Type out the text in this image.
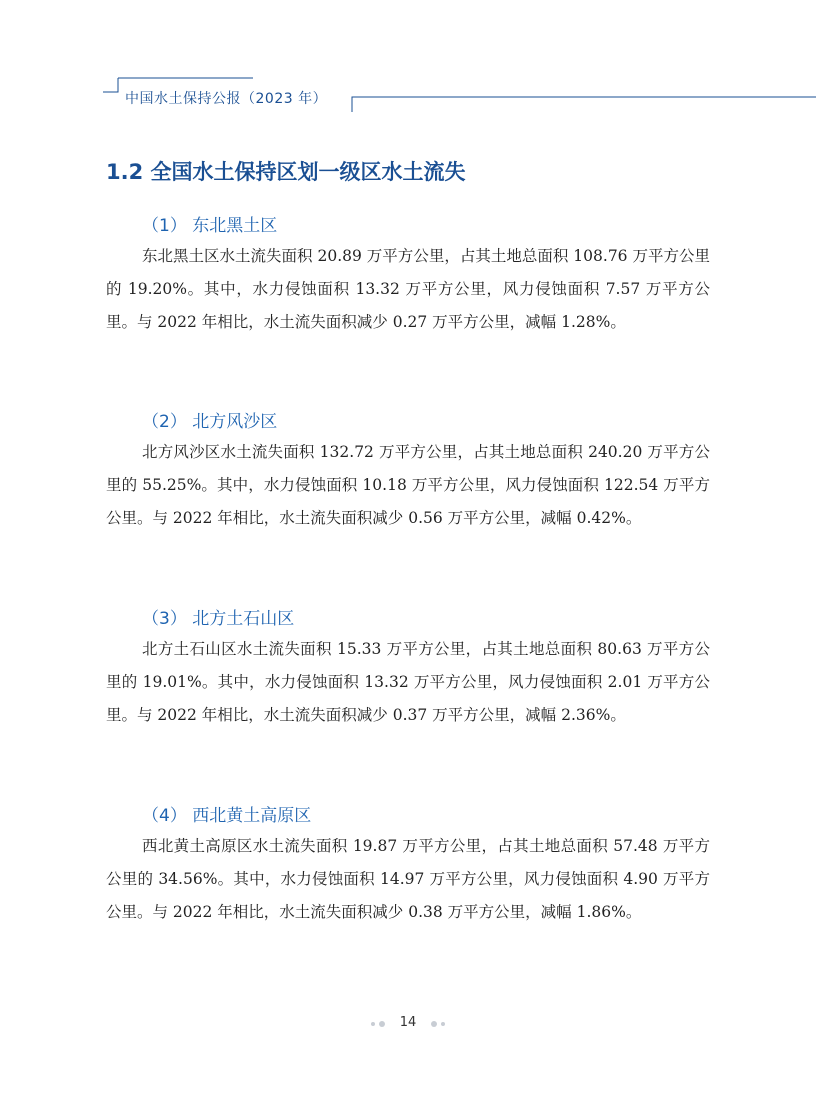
中国水土保持公报（2023 年）
1.2 全国水土保持区划一级区水土流失
（1） 东北黑土区

东北黑土区水土流失面积 20.89 万平方公里，占其土地总面积 108.76 万平方公里的 19.20%。其中，水力侵蚀面积 13.32 万平方公里，风力侵蚀面积 7.57 万平方公里。与 2022 年相比，水土流失面积减少 0.27 万平方公里，减幅 1.28%。

（2） 北方风沙区

北方风沙区水土流失面积 132.72 万平方公里，占其土地总面积 240.20 万平方公里的 55.25%。其中，水力侵蚀面积 10.18 万平方公里，风力侵蚀面积 122.54 万平方公里。与 2022 年相比，水土流失面积减少 0.56 万平方公里，减幅 0.42%。

（3） 北方土石山区

北方土石山区水土流失面积 15.33 万平方公里，占其土地总面积 80.63 万平方公里的 19.01%。其中，水力侵蚀面积 13.32 万平方公里，风力侵蚀面积 2.01 万平方公里。与 2022 年相比，水土流失面积减少 0.37 万平方公里，减幅 2.36%。

（4） 西北黄土高原区

西北黄土高原区水土流失面积 19.87 万平方公里，占其土地总面积 57.48 万平方公里的 34.56%。其中，水力侵蚀面积 14.97 万平方公里，风力侵蚀面积 4.90 万平方公里。与 2022 年相比，水土流失面积减少 0.38 万平方公里，减幅 1.86%。

14
